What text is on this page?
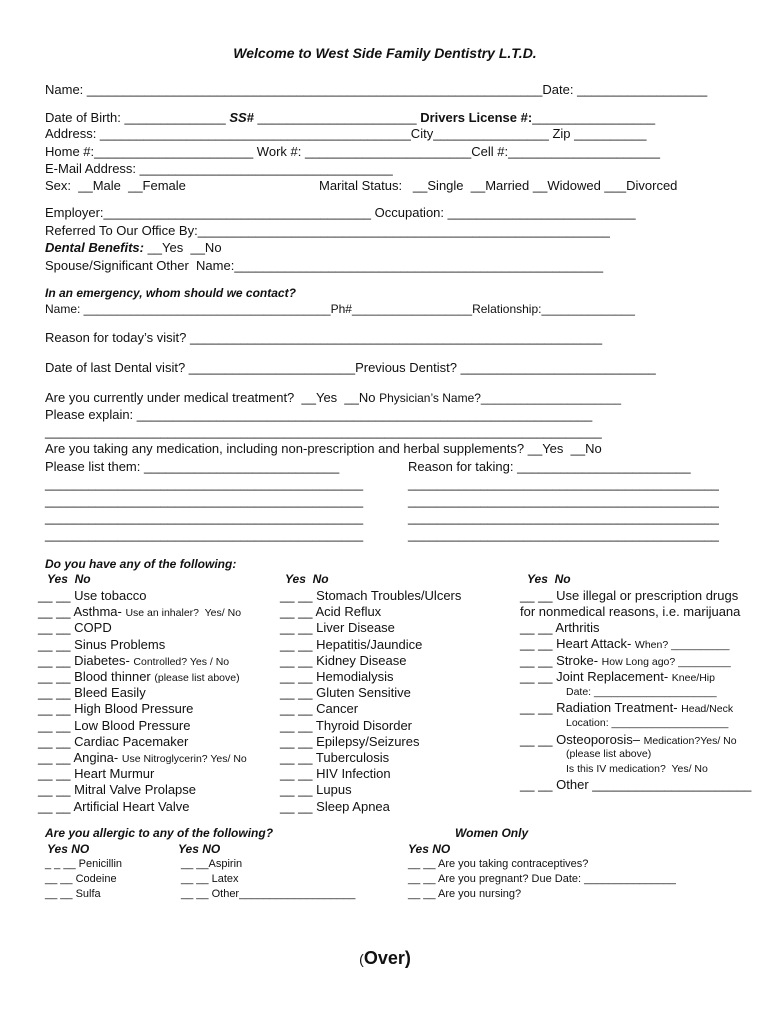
Welcome to West Side Family Dentistry L.T.D.
Name: _______________________________________________________________Date: __________________
Date of Birth: ______________ SS# ______________________ Drivers License #:_________________
Address: ___________________________________________City________________ Zip __________
Home #:______________________ Work #: _______________________Cell #:_____________________
E-Mail Address: ___________________________________
Sex:  __Male  __Female	Marital Status:   __Single  __Married __Widowed ___Divorced
Employer:_____________________________________ Occupation: __________________________
Referred To Our Office By:_________________________________________________________
Dental Benefits: __Yes  __No
Spouse/Significant Other  Name:___________________________________________________
In an emergency, whom should we contact?
Name: _____________________________________Ph#__________________Relationship:______________
Reason for today’s visit? _________________________________________________________
Date of last Dental visit? _______________________Previous Dentist? ___________________________
Are you currently under medical treatment?  __Yes  __No Physician’s Name?_____________________
Please explain: _______________________________________________________________
_____________________________________________________________________________
Are you taking any medication, including non-prescription and herbal supplements? __Yes  __No
Please list them: ___________________________	Reason for taking: ________________________
____________________________________________
____________________________________________
____________________________________________
____________________________________________
___________________________________________
___________________________________________
___________________________________________
___________________________________________
Do you have any of the following:
Yes  No	Yes  No	Yes  No
__ __ Use tobacco
__ __ Asthma- Use an inhaler?  Yes/ No
__ __ COPD
__ __ Sinus Problems
__ __ Diabetes- Controlled? Yes / No
__ __ Blood thinner (please list above)
__ __ Bleed Easily
__ __ High Blood Pressure
__ __ Low Blood Pressure
__ __ Cardiac Pacemaker
__ __ Angina- Use Nitroglycerin? Yes/ No
__ __ Heart Murmur
__ __ Mitral Valve Prolapse
__ __ Artificial Heart Valve
__ __ Stomach Troubles/Ulcers
__ __ Acid Reflux
__ __ Liver Disease
__ __ Hepatitis/Jaundice
__ __ Kidney Disease
__ __ Hemodialysis
__ __ Gluten Sensitive
__ __ Cancer
__ __ Thyroid Disorder
__ __ Epilepsy/Seizures
__ __ Tuberculosis
__ __ HIV Infection
__ __ Lupus
__ __ Sleep Apnea
__ __ Use illegal or prescription drugs
for nonmedical reasons, i.e. marijuana
__ __ Arthritis
__ __ Heart Attack- When? __________
__ __ Stroke- How Long ago? _________
__ __ Joint Replacement- Knee/Hip
Date: _____________________
__ __ Radiation Treatment- Head/Neck
Location: ____________________
__ __ Osteoporosis– Medication?Yes/ No
(please list above)
Is this IV medication?  Yes/ No
__ __ Other ______________________
Are you allergic to any of the following?
Yes NO	Yes NO
_ _ __ Penicillin
__ __ Codeine
__ __ Sulfa
__ __Aspirin
__ __ Latex
__ __ Other___________________
Women Only
Yes NO
__ __ Are you taking contraceptives?
__ __ Are you pregnant? Due Date: _______________
__ __ Are you nursing?
(Over)
